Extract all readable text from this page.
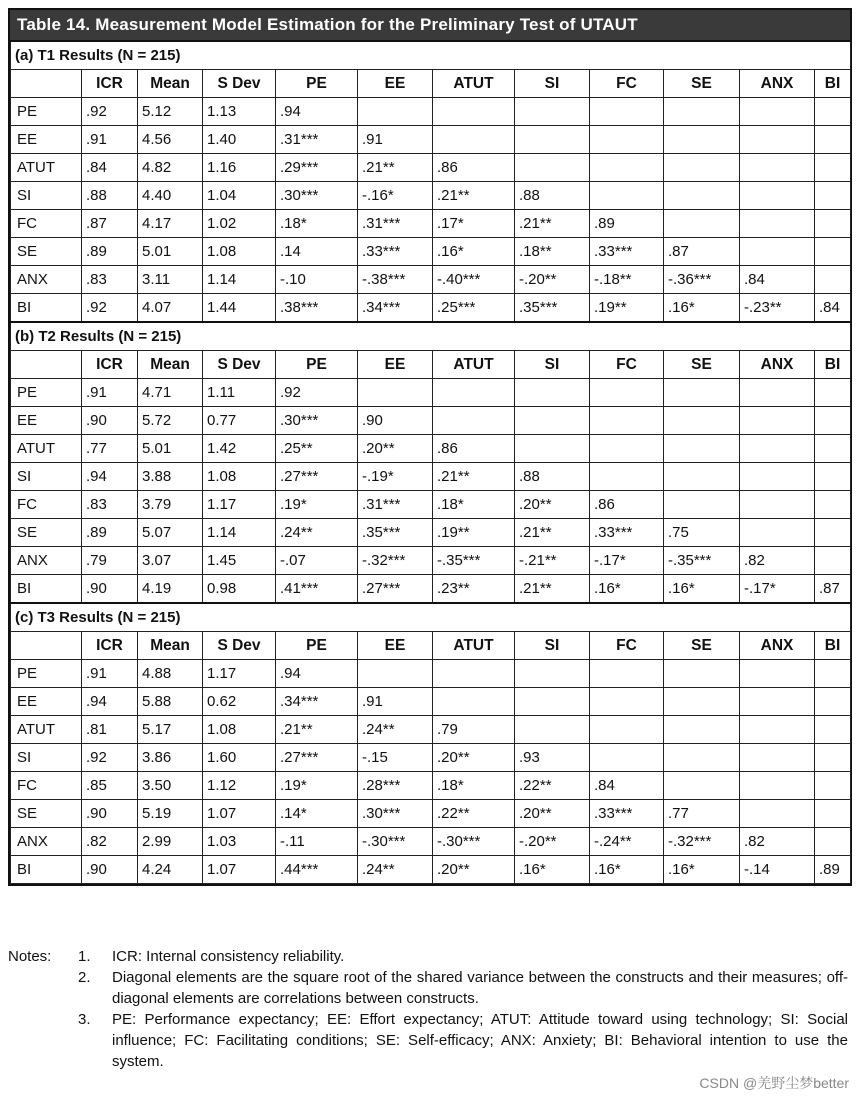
Table 14. Measurement Model Estimation for the Preliminary Test of UTAUT
(a) T1 Results (N = 215)											
	ICR	Mean	S Dev	PE	EE	ATUT	SI	FC	SE	ANX	BI
PE	.92	5.12	1.13	.94							
EE	.91	4.56	1.40	.31***	.91						
ATUT	.84	4.82	1.16	.29***	.21**	.86					
SI	.88	4.40	1.04	.30***	-.16*	.21**	.88				
FC	.87	4.17	1.02	.18*	.31***	.17*	.21**	.89			
SE	.89	5.01	1.08	.14	.33***	.16*	.18**	.33***	.87		
ANX	.83	3.11	1.14	-.10	-.38***	-.40***	-.20**	-.18**	-.36***	.84	
BI	.92	4.07	1.44	.38***	.34***	.25***	.35***	.19**	.16*	-.23**	.84
(b) T2 Results (N = 215)											
	ICR	Mean	S Dev	PE	EE	ATUT	SI	FC	SE	ANX	BI
PE	.91	4.71	1.11	.92							
EE	.90	5.72	0.77	.30***	.90						
ATUT	.77	5.01	1.42	.25**	.20**	.86					
SI	.94	3.88	1.08	.27***	-.19*	.21**	.88				
FC	.83	3.79	1.17	.19*	.31***	.18*	.20**	.86			
SE	.89	5.07	1.14	.24**	.35***	.19**	.21**	.33***	.75		
ANX	.79	3.07	1.45	-.07	-.32***	-.35***	-.21**	-.17*	-.35***	.82	
BI	.90	4.19	0.98	.41***	.27***	.23**	.21**	.16*	.16*	-.17*	.87
(c) T3 Results (N = 215)											
	ICR	Mean	S Dev	PE	EE	ATUT	SI	FC	SE	ANX	BI
PE	.91	4.88	1.17	.94							
EE	.94	5.88	0.62	.34***	.91						
ATUT	.81	5.17	1.08	.21**	.24**	.79					
SI	.92	3.86	1.60	.27***	-.15	.20**	.93				
FC	.85	3.50	1.12	.19*	.28***	.18*	.22**	.84			
SE	.90	5.19	1.07	.14*	.30***	.22**	.20**	.33***	.77		
ANX	.82	2.99	1.03	-.11	-.30***	-.30***	-.20**	-.24**	-.32***	.82	
BI	.90	4.24	1.07	.44***	.24**	.20**	.16*	.16*	.16*	-.14	.89
Notes:	1.	ICR: Internal consistency reliability.
2.	Diagonal elements are the square root of the shared variance between the constructs and their measures; off-diagonal elements are correlations between constructs.
3.	PE: Performance expectancy; EE: Effort expectancy; ATUT: Attitude toward using technology; SI: Social influence; FC: Facilitating conditions; SE: Self-efficacy; ANX: Anxiety; BI: Behavioral intention to use the system.
CSDN @羌野尘梦better
